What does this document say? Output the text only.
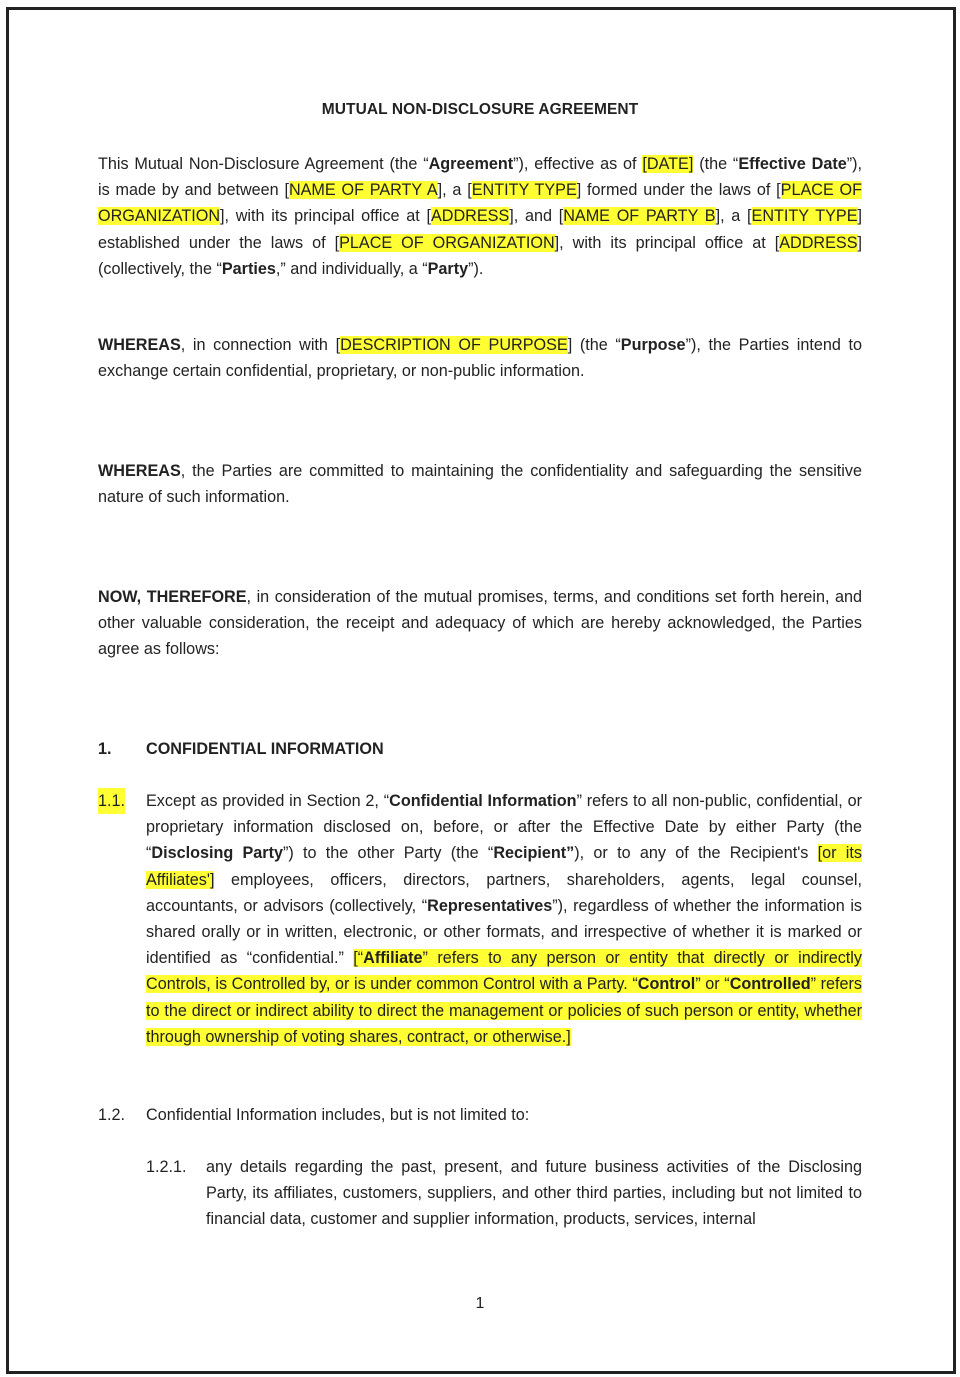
MUTUAL NON-DISCLOSURE AGREEMENT

This Mutual Non-Disclosure Agreement (the “Agreement”), effective as of [DATE] (the “Effective Date”), is made by and between [NAME OF PARTY A], a [ENTITY TYPE] formed under the laws of [PLACE OF ORGANIZATION], with its principal office at [ADDRESS], and [NAME OF PARTY B], a [ENTITY TYPE] established under the laws of [PLACE OF ORGANIZATION], with its principal office at [ADDRESS] (collectively, the “Parties,” and individually, a “Party”).

WHEREAS, in connection with [DESCRIPTION OF PURPOSE] (the “Purpose”), the Parties intend to exchange certain confidential, proprietary, or non-public information.

WHEREAS, the Parties are committed to maintaining the confidentiality and safeguarding the sensitive nature of such information.

NOW, THEREFORE, in consideration of the mutual promises, terms, and conditions set forth herein, and other valuable consideration, the receipt and adequacy of which are hereby acknowledged, the Parties agree as follows:

1. CONFIDENTIAL INFORMATION
1.1. Except as provided in Section 2, “Confidential Information” refers to all non-public, confidential, or proprietary information disclosed on, before, or after the Effective Date by either Party (the “Disclosing Party”) to the other Party (the “Recipient”), or to any of the Recipient's [or its Affiliates'] employees, officers, directors, partners, shareholders, agents, legal counsel, accountants, or advisors (collectively, “Representatives”), regardless of whether the information is shared orally or in written, electronic, or other formats, and irrespective of whether it is marked or identified as “confidential.” [“Affiliate” refers to any person or entity that directly or indirectly Controls, is Controlled by, or is under common Control with a Party. “Control” or “Controlled” refers to the direct or indirect ability to direct the management or policies of such person or entity, whether through ownership of voting shares, contract, or otherwise.]

1.2. Confidential Information includes, but is not limited to:

1.2.1. any details regarding the past, present, and future business activities of the Disclosing Party, its affiliates, customers, suppliers, and other third parties, including but not limited to financial data, customer and supplier information, products, services, internal

1
